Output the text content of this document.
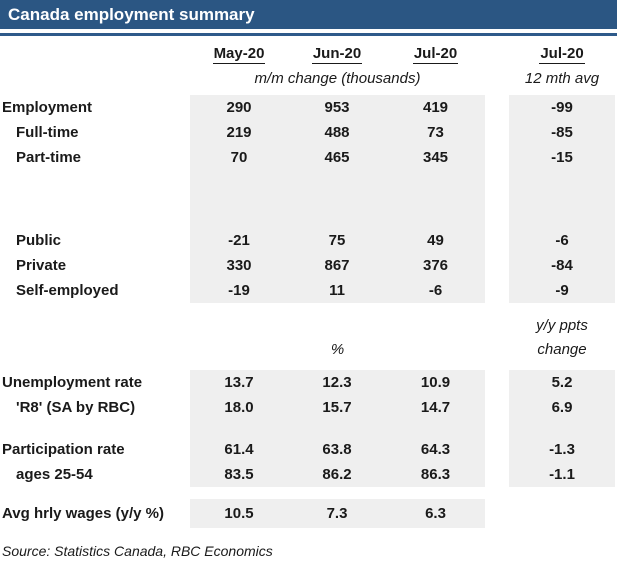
Canada employment summary
May-20	Jun-20	Jul-20	Jul-20
m/m change (thousands)	12 mth avg
Employment	290	953	419	-99
Full-time	219	488	73	-85
Part-time	70	465	345	-15
Public	-21	75	49	-6
Private	330	867	376	-84
Self-employed	-19	11	-6	-9
y/y ppts
%	change
Unemployment rate	13.7	12.3	10.9	5.2
'R8' (SA by RBC)	18.0	15.7	14.7	6.9
Participation rate	61.4	63.8	64.3	-1.3
ages 25-54	83.5	86.2	86.3	-1.1
Avg hrly wages (y/y %)	10.5	7.3	6.3
Source: Statistics Canada, RBC Economics
